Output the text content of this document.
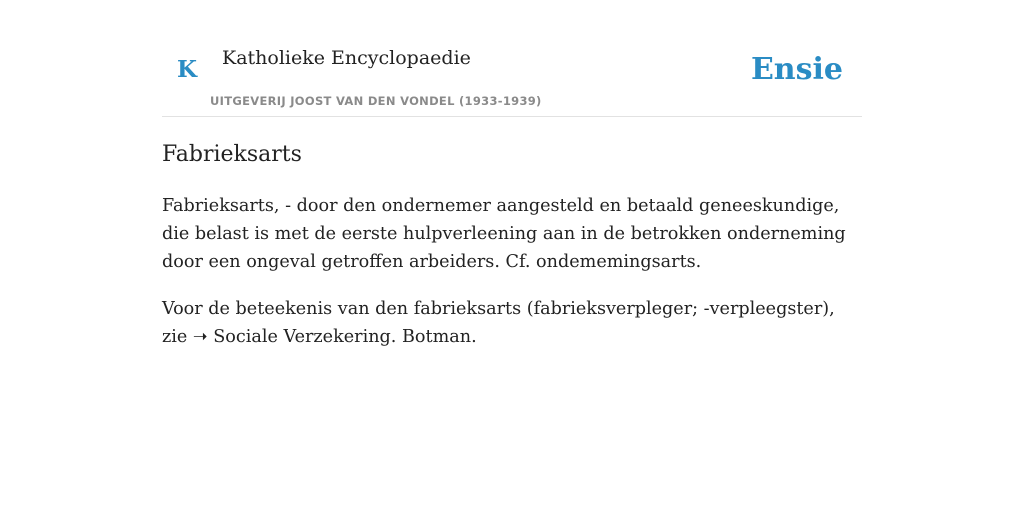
K Katholieke Encyclopaedie
UITGEVERIJ JOOST VAN DEN VONDEL (1933-1939)
Ensie
Fabrieksarts

Fabrieksarts, - door den ondernemer aangesteld en betaald geneeskundige, die belast is met de eerste hulpverleening aan in de betrokken onderneming door een ongeval getroffen arbeiders. Cf. ondememingsarts.

Voor de beteekenis van den fabrieksarts (fabrieksverpleger; -verpleegster), zie ➝ Sociale Verzekering. Botman.
